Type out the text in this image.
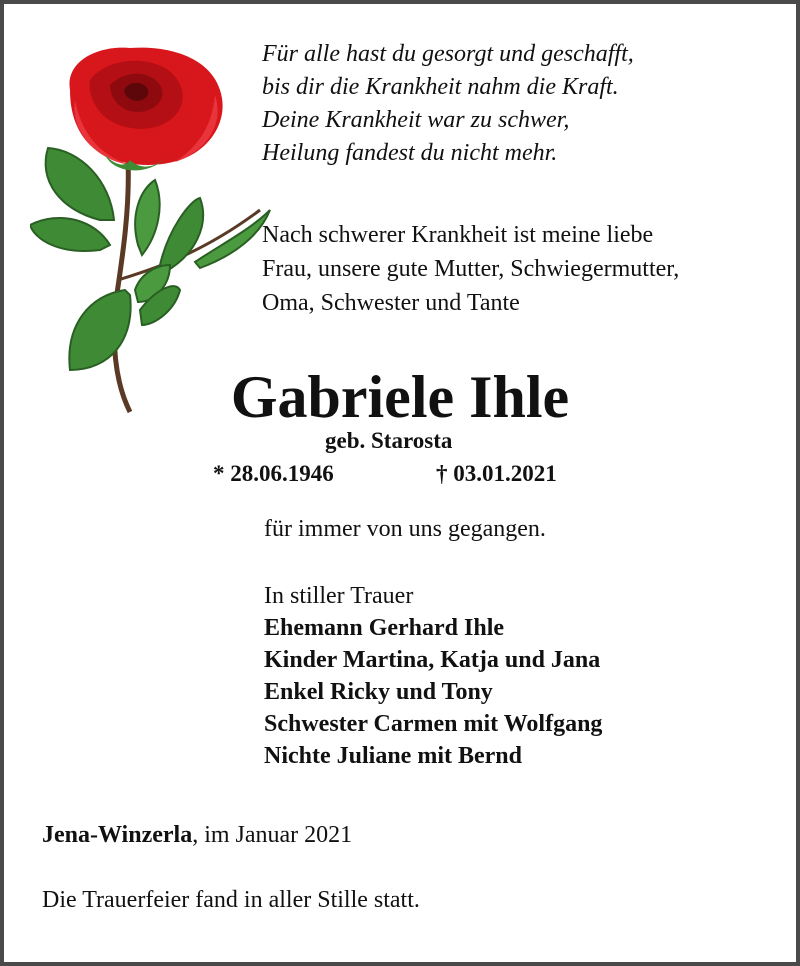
Für alle hast du gesorgt und geschafft,
bis dir die Krankheit nahm die Kraft.
Deine Krankheit war zu schwer,
Heilung fandest du nicht mehr.
Nach schwerer Krankheit ist meine liebe
Frau, unsere gute Mutter, Schwiegermutter,
Oma, Schwester und Tante
Gabriele Ihle
geb. Starosta
* 28.06.1946	† 03.01.2021
für immer von uns gegangen.
In stiller Trauer
Ehemann Gerhard Ihle
Kinder Martina, Katja und Jana
Enkel Ricky und Tony
Schwester Carmen mit Wolfgang
Nichte Juliane mit Bernd
Jena-Winzerla, im Januar 2021
Die Trauerfeier fand in aller Stille statt.
